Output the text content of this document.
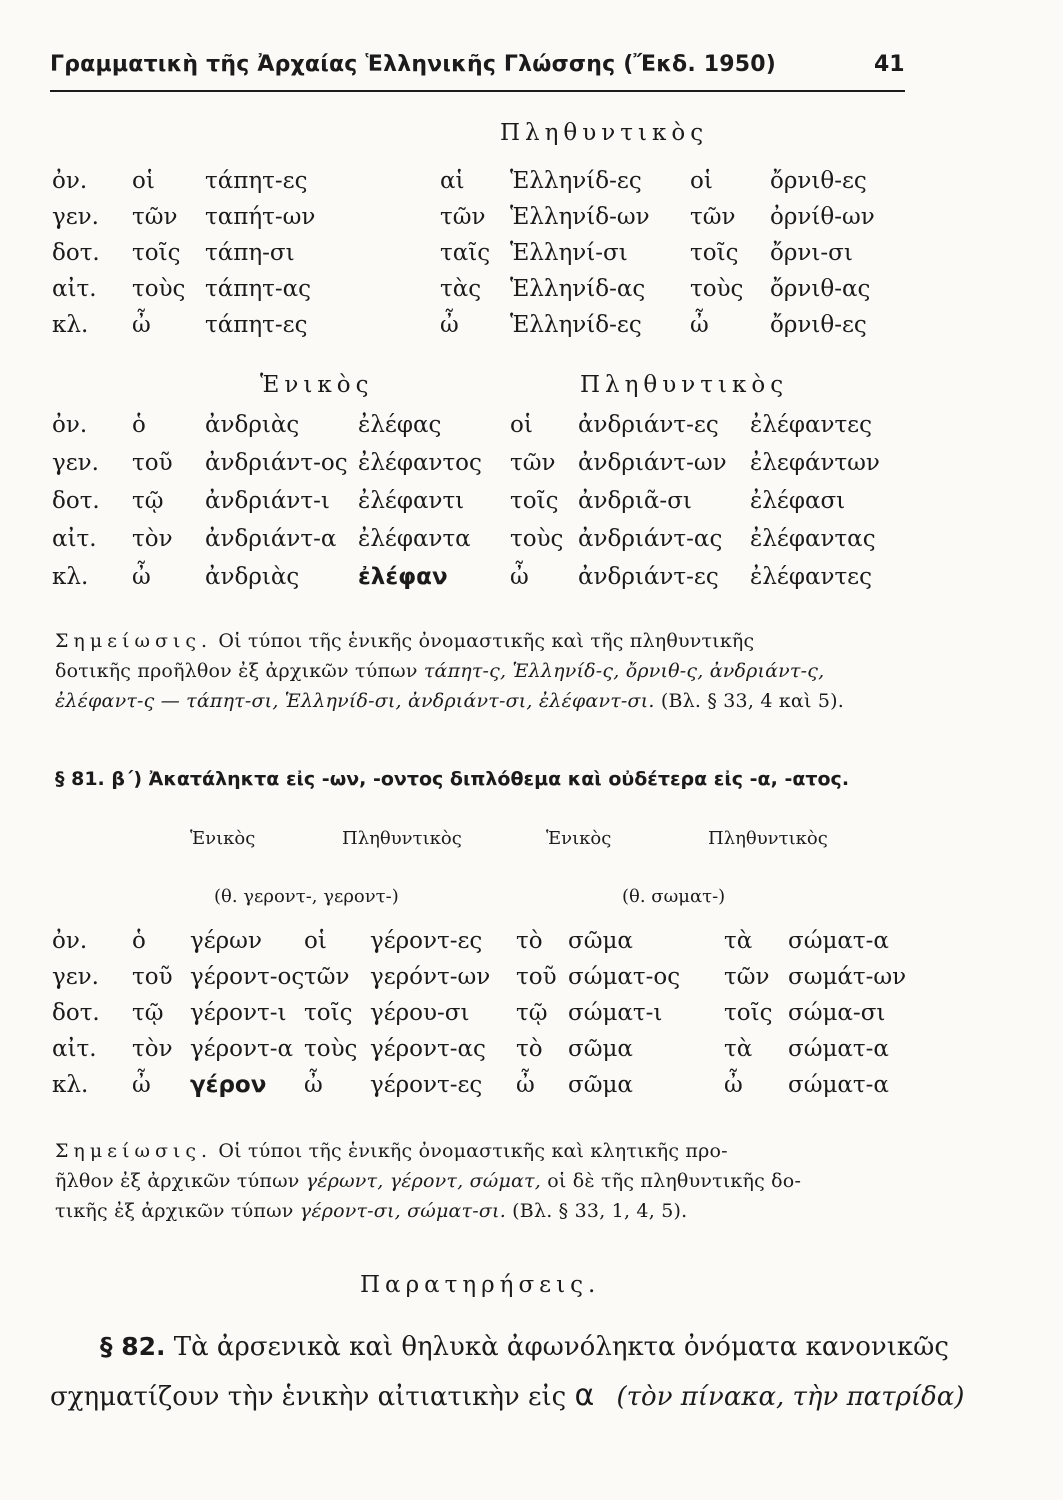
Γραμματικὴ τῆς Ἀρχαίας Ἑλληνικῆς Γλώσσης (Ἔκδ. 1950)	41
Πληθυντικὸς
ὀν. οἱ τάπητ-ες	αἱ Ἑλληνίδ-ες οἱ ὄρνιθ-ες
γεν. τῶν ταπήτ-ων	τῶν Ἑλληνίδ-ων τῶν ὀρνίθ-ων
δοτ. τοῖς τάπη-σι	ταῖς Ἑλληνί-σι	τοῖς ὄρνι-σι
αἰτ. τοὺς τάπητ-ας	τὰς Ἑλληνίδ-ας τοὺς ὄρνιθ-ας
κλ. ὦ τάπητ-ες	ὦ Ἑλληνίδ-ες ὦ	ὄρνιθ-ες
Ἑνικὸς	Πληθυντικὸς
ὀν. ὁ	ἀνδριὰς	ἐλέφας	οἱ ἀνδριάντ-ες ἐλέφαντες
γεν. τοῦ ἀνδριάντ-ος ἐλέφαντος τῶν ἀνδριάντ-ων ἐλεφάντων
δοτ. τῷ ἀνδριάντ-ι ἐλέφαντι τοῖς ἀνδριᾶ-σι	ἐλέφασι
αἰτ. τὸν ἀνδριάντ-α ἐλέφαντα τοὺς ἀνδριάντ-ας ἐλέφαντας
κλ. ὦ ἀνδριὰς	ἐλέφαν	ὦ ἀνδριάντ-ες ἐλέφαντες
Σημείωσις. Οἱ τύποι τῆς ἑνικῆς ὀνομαστικῆς καὶ τῆς πληθυντικῆς
δοτικῆς προῆλθον ἐξ ἀρχικῶν τύπων τάπητ-ς, Ἑλληνίδ-ς, ὄρνιθ-ς, ἀνδριάντ-ς,
ἐλέφαντ-ς — τάπητ-σι, Ἑλληνίδ-σι, ἀνδριάντ-σι, ἐλέφαντ-σι. (Βλ. § 33, 4 καὶ 5).
§ 81. β΄) Ἀκατάληκτα εἰς -ων, -οντος διπλόθεμα καὶ οὐδέτερα εἰς -α, -ατος.
Ἑνικὸς	Πληθυντικὸς	Ἑνικὸς	Πληθυντικὸς
(θ. γεροντ-, γεροντ-)	(θ. σωματ-)
ὀν. ὁ γέρων οἱ γέροντ-ες τὸ σῶμα	τὰ σώματ-α
γεν. τοῦ γέροντ-ος τῶν γερόντ-ων τοῦ σώματ-ος τῶν σωμάτ-ων
δοτ. τῷ γέροντ-ι τοῖς γέρου-σι τῷ σώματ-ι	τοῖς σώμα-σι
αἰτ. τὸν γέροντ-α τοὺς γέροντ-ας τὸ σῶμα	τὰ σώματ-α
κλ. ὦ γέρον ὦ γέροντ-ες ὦ σῶμα	ὦ σώματ-α
Σημείωσις. Οἱ τύποι τῆς ἑνικῆς ὀνομαστικῆς καὶ κλητικῆς προ-
ῆλθον ἐξ ἀρχικῶν τύπων γέρωντ, γέροντ, σώματ, οἱ δὲ τῆς πληθυντικῆς δο-
τικῆς ἐξ ἀρχικῶν τύπων γέροντ-σι, σώματ-σι. (Βλ. § 33, 1, 4, 5).
Παρατηρήσεις.
§ 82. Τὰ ἀρσενικὰ καὶ θηλυκὰ ἀφωνόληκτα ὀνόματα κανονικῶς
σχηματίζουν τὴν ἑνικὴν αἰτιατικὴν εἰς α (τὸν πίνακα, τὴν πατρίδα)
